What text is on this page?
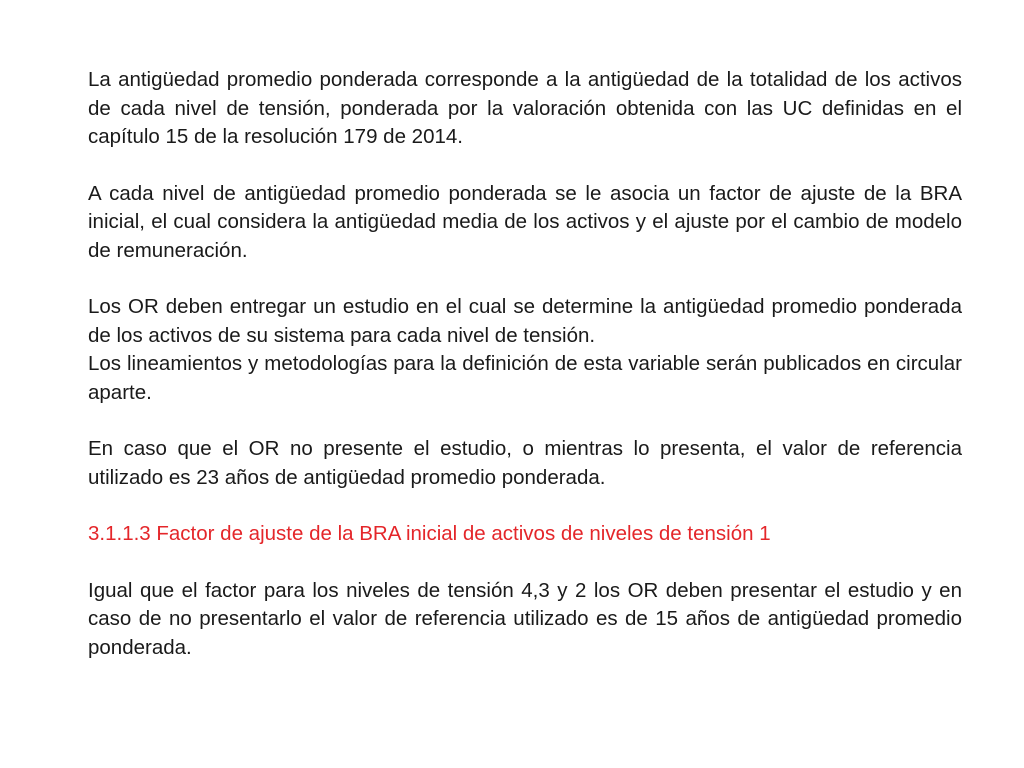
La antigüedad promedio ponderada corresponde a la antigüedad de la totalidad de los activos de cada nivel de tensión, ponderada por la valoración obtenida con las UC definidas en el capítulo 15 de la resolución 179 de 2014.

A cada nivel de antigüedad promedio ponderada se le asocia un factor de ajuste de la BRA inicial, el cual considera la antigüedad media de los activos y el ajuste por el cambio de modelo de remuneración.

Los OR deben entregar un estudio en el cual se determine la antigüedad promedio ponderada de los activos de su sistema para cada nivel de tensión.

Los lineamientos y metodologías para la definición de esta variable serán publicados en circular aparte.

En caso que el OR no presente el estudio, o mientras lo presenta, el valor de referencia utilizado es 23 años de antigüedad promedio ponderada.

3.1.1.3 Factor de ajuste de la BRA inicial de activos de niveles de tensión 1

Igual que el factor para los niveles de tensión 4,3 y 2 los OR deben presentar el estudio y en caso de no presentarlo el valor de referencia utilizado es de 15 años de antigüedad promedio ponderada.
